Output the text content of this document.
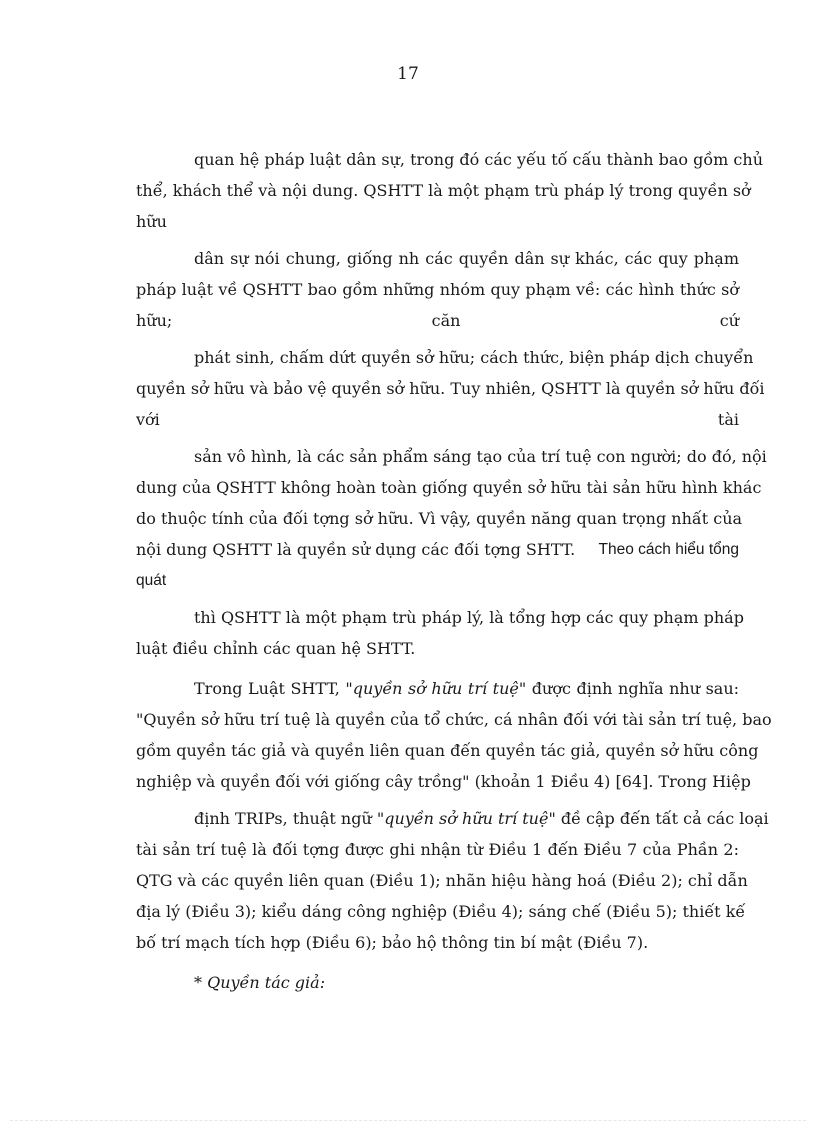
17
quan hệ pháp luật dân sự, trong đó các yếu tố cấu thành bao gồm chủ
thể, khách thể và nội dung. QSHTT là một phạm trù pháp lý trong quyền sở
hữu
dân sự nói chung, giống nh các quyền dân sự khác, các quy phạm
pháp luật về QSHTT bao gồm những nhóm quy phạm về: các hình thức sở
hữu; căn cứ
phát sinh, chấm dứt quyền sở hữu; cách thức, biện pháp dịch chuyển
quyền sở hữu và bảo vệ quyền sở hữu. Tuy nhiên, QSHTT là quyền sở hữu đối
với tài
sản vô hình, là các sản phẩm sáng tạo của trí tuệ con người; do đó, nội
dung của QSHTT không hoàn toàn giống quyền sở hữu tài sản hữu hình khác
do thuộc tính của đối tợng sở hữu. Vì vậy, quyền năng quan trọng nhất của
nội dung QSHTT là quyền sử dụng các đối tợng SHTT. Theo cách hiểu tổng
quát
thì QSHTT là một phạm trù pháp lý, là tổng hợp các quy phạm pháp
luật điều chỉnh các quan hệ SHTT.
Trong Luật SHTT, "quyền sở hữu trí tuệ" được định nghĩa như sau:
"Quyền sở hữu trí tuệ là quyền của tổ chức, cá nhân đối với tài sản trí tuệ, bao
gồm quyền tác giả và quyền liên quan đến quyền tác giả, quyền sở hữu công
nghiệp và quyền đối với giống cây trồng" (khoản 1 Điều 4) [64]. Trong Hiệp
định TRIPs, thuật ngữ "quyền sở hữu trí tuệ" đề cập đến tất cả các loại
tài sản trí tuệ là đối tợng được ghi nhận từ Điều 1 đến Điều 7 của Phần 2:
QTG và các quyền liên quan (Điều 1); nhãn hiệu hàng hoá (Điều 2); chỉ dẫn
địa lý (Điều 3); kiểu dáng công nghiệp (Điều 4); sáng chế (Điều 5); thiết kế
bố trí mạch tích hợp (Điều 6); bảo hộ thông tin bí mật (Điều 7).
* Quyền tác giả:
